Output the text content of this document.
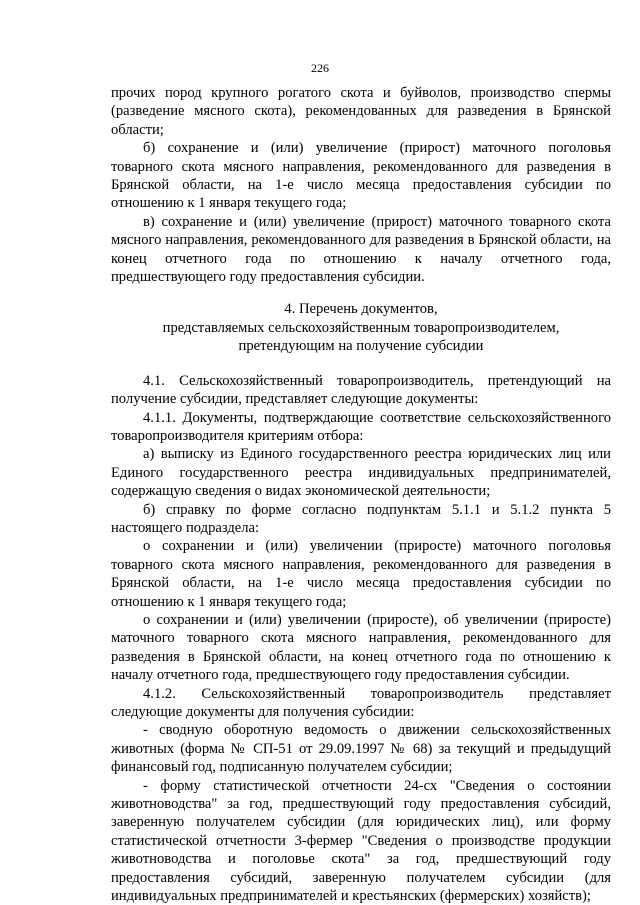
226

прочих пород крупного рогатого скота и буйволов, производство спермы (разведение мясного скота), рекомендованных для разведения в Брянской области;

б) сохранение и (или) увеличение (прирост) маточного поголовья товарного скота мясного направления, рекомендованного для разведения в Брянской области, на 1-е число месяца предоставления субсидии по отношению к 1 января текущего года;

в) сохранение и (или) увеличение (прирост) маточного товарного скота мясного направления, рекомендованного для разведения в Брянской области, на конец отчетного года по отношению к началу отчетного года, предшествующего году предоставления субсидии.

4. Перечень документов,
представляемых сельскохозяйственным товаропроизводителем,
претендующим на получение субсидии

4.1. Сельскохозяйственный товаропроизводитель, претендующий на получение субсидии, представляет следующие документы:

4.1.1. Документы, подтверждающие соответствие сельскохозяйственного товаропроизводителя критериям отбора:

а) выписку из Единого государственного реестра юридических лиц или Единого государственного реестра индивидуальных предпринимателей, содержащую сведения о видах экономической деятельности;

б) справку по форме согласно подпунктам 5.1.1 и 5.1.2 пункта 5 настоящего подраздела:

о сохранении и (или) увеличении (приросте) маточного поголовья товарного скота мясного направления, рекомендованного для разведения в Брянской области, на 1-е число месяца предоставления субсидии по отношению к 1 января текущего года;

о сохранении и (или) увеличении (приросте), об увеличении (приросте) маточного товарного скота мясного направления, рекомендованного для разведения в Брянской области, на конец отчетного года по отношению к началу отчетного года, предшествующего году предоставления субсидии.

4.1.2. Сельскохозяйственный товаропроизводитель представляет следующие документы для получения субсидии:

- сводную оборотную ведомость о движении сельскохозяйственных животных (форма № СП-51 от 29.09.1997 № 68) за текущий и предыдущий финансовый год, подписанную получателем субсидии;

- форму статистической отчетности 24-сх "Сведения о состоянии животноводства" за год, предшествующий году предоставления субсидий, заверенную получателем субсидии (для юридических лиц), или форму статистической отчетности 3-фермер "Сведения о производстве продукции животноводства и поголовье скота" за год, предшествующий году предоставления субсидий, заверенную получателем субсидии (для индивидуальных предпринимателей и крестьянских (фермерских) хозяйств);
